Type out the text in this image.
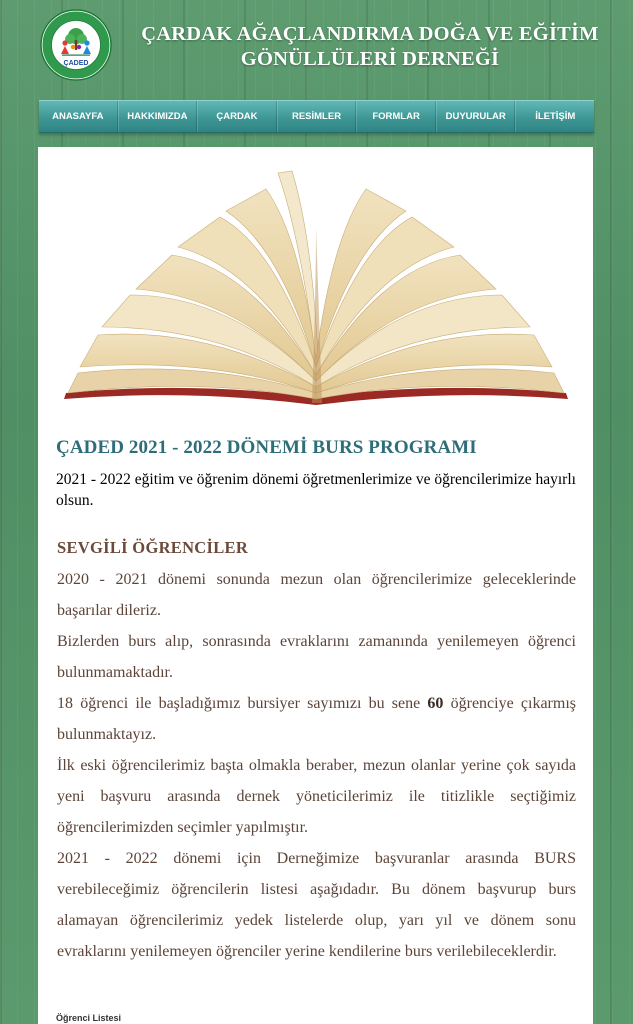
ÇADED
ÇARDAK AĞAÇLANDIRMA DOĞA VE EĞİTİM
GÖNÜLLÜLERİ DERNEĞİ
ANASAYFA	HAKKIMIZDA	ÇARDAK	RESİMLER	FORMLAR	DUYURULAR	İLETİŞİM
ÇADED 2021 - 2022 DÖNEMİ BURS PROGRAMI

2021 - 2022 eğitim ve öğrenim dönemi öğretmenlerimize ve öğrencilerimize hayırlı olsun.

SEVGİLİ ÖĞRENCİLER

2020 - 2021 dönemi sonunda mezun olan öğrencilerimize geleceklerinde başarılar dileriz.

Bizlerden burs alıp, sonrasında evraklarını zamanında yenilemeyen öğrenci bulunmamaktadır.

18 öğrenci ile başladığımız bursiyer sayımızı bu sene 60 öğrenciye çıkarmış bulunmaktayız.

İlk eski öğrencilerimiz başta olmakla beraber, mezun olanlar yerine çok sayıda yeni başvuru arasında dernek yöneticilerimiz ile titizlikle seçtiğimiz öğrencilerimizden seçimler yapılmıştır.

2021 - 2022 dönemi için Derneğimize başvuranlar arasında BURS verebileceğimiz öğrencilerin listesi aşağıdadır. Bu dönem başvurup burs alamayan öğrencilerimiz yedek listelerde olup, yarı yıl ve dönem sonu evraklarını yenilemeyen öğrenciler yerine kendilerine burs verilebileceklerdir.

Öğrenci Listesi
